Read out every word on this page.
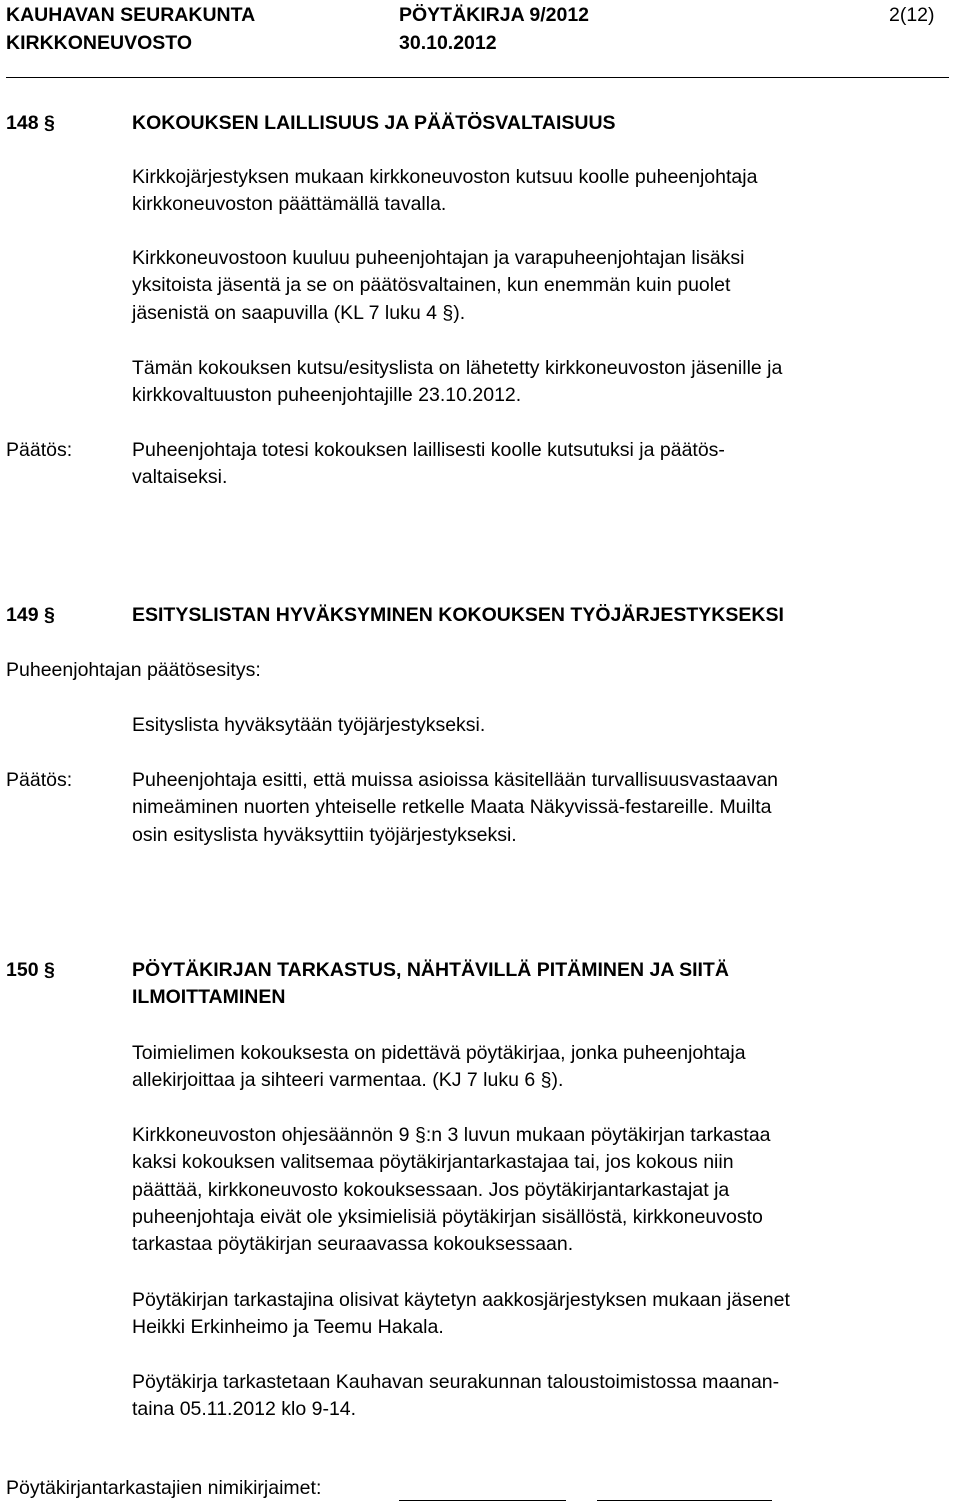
KAUHAVAN SEURAKUNTA
KIRKKONEUVOSTO
PÖYTÄKIRJA 9/2012
30.10.2012
2(12)
148 §	KOKOUKSEN LAILLISUUS JA PÄÄTÖSVALTAISUUS
Kirkkojärjestyksen mukaan kirkkoneuvoston kutsuu koolle puheenjohtaja
kirkkoneuvoston päättämällä tavalla.
Kirkkoneuvostoon kuuluu puheenjohtajan ja varapuheenjohtajan lisäksi
yksitoista jäsentä ja se on päätösvaltainen, kun enemmän kuin puolet
jäsenistä on saapuvilla (KL 7 luku 4 §).
Tämän kokouksen kutsu/esityslista on lähetetty kirkkoneuvoston jäsenille ja
kirkkovaltuuston puheenjohtajille 23.10.2012.
Päätös:	Puheenjohtaja totesi kokouksen laillisesti koolle kutsutuksi ja päätös-
valtaiseksi.
149 §	ESITYSLISTAN HYVÄKSYMINEN KOKOUKSEN TYÖJÄRJESTYKSEKSI
Puheenjohtajan päätösesitys:
Esityslista hyväksytään työjärjestykseksi.
Päätös:	Puheenjohtaja esitti, että muissa asioissa käsitellään turvallisuusvastaavan
nimeäminen nuorten yhteiselle retkelle Maata Näkyvissä-festareille. Muilta
osin esityslista hyväksyttiin työjärjestykseksi.
150 §	PÖYTÄKIRJAN TARKASTUS, NÄHTÄVILLÄ PITÄMINEN JA SIITÄ
ILMOITTAMINEN
Toimielimen kokouksesta on pidettävä pöytäkirjaa, jonka puheenjohtaja
allekirjoittaa ja sihteeri varmentaa. (KJ 7 luku 6 §).
Kirkkoneuvoston ohjesäännön 9 §:n 3 luvun mukaan pöytäkirjan tarkastaa
kaksi kokouksen valitsemaa pöytäkirjantarkastajaa tai, jos kokous niin
päättää, kirkkoneuvosto kokouksessaan. Jos pöytäkirjantarkastajat ja
puheenjohtaja eivät ole yksimielisiä pöytäkirjan sisällöstä, kirkkoneuvosto
tarkastaa pöytäkirjan seuraavassa kokouksessaan.
Pöytäkirjan tarkastajina olisivat käytetyn aakkosjärjestyksen mukaan jäsenet
Heikki Erkinheimo ja Teemu Hakala.
Pöytäkirja tarkastetaan Kauhavan seurakunnan taloustoimistossa maanan-
taina 05.11.2012 klo 9-14.
Pöytäkirjantarkastajien nimikirjaimet:
